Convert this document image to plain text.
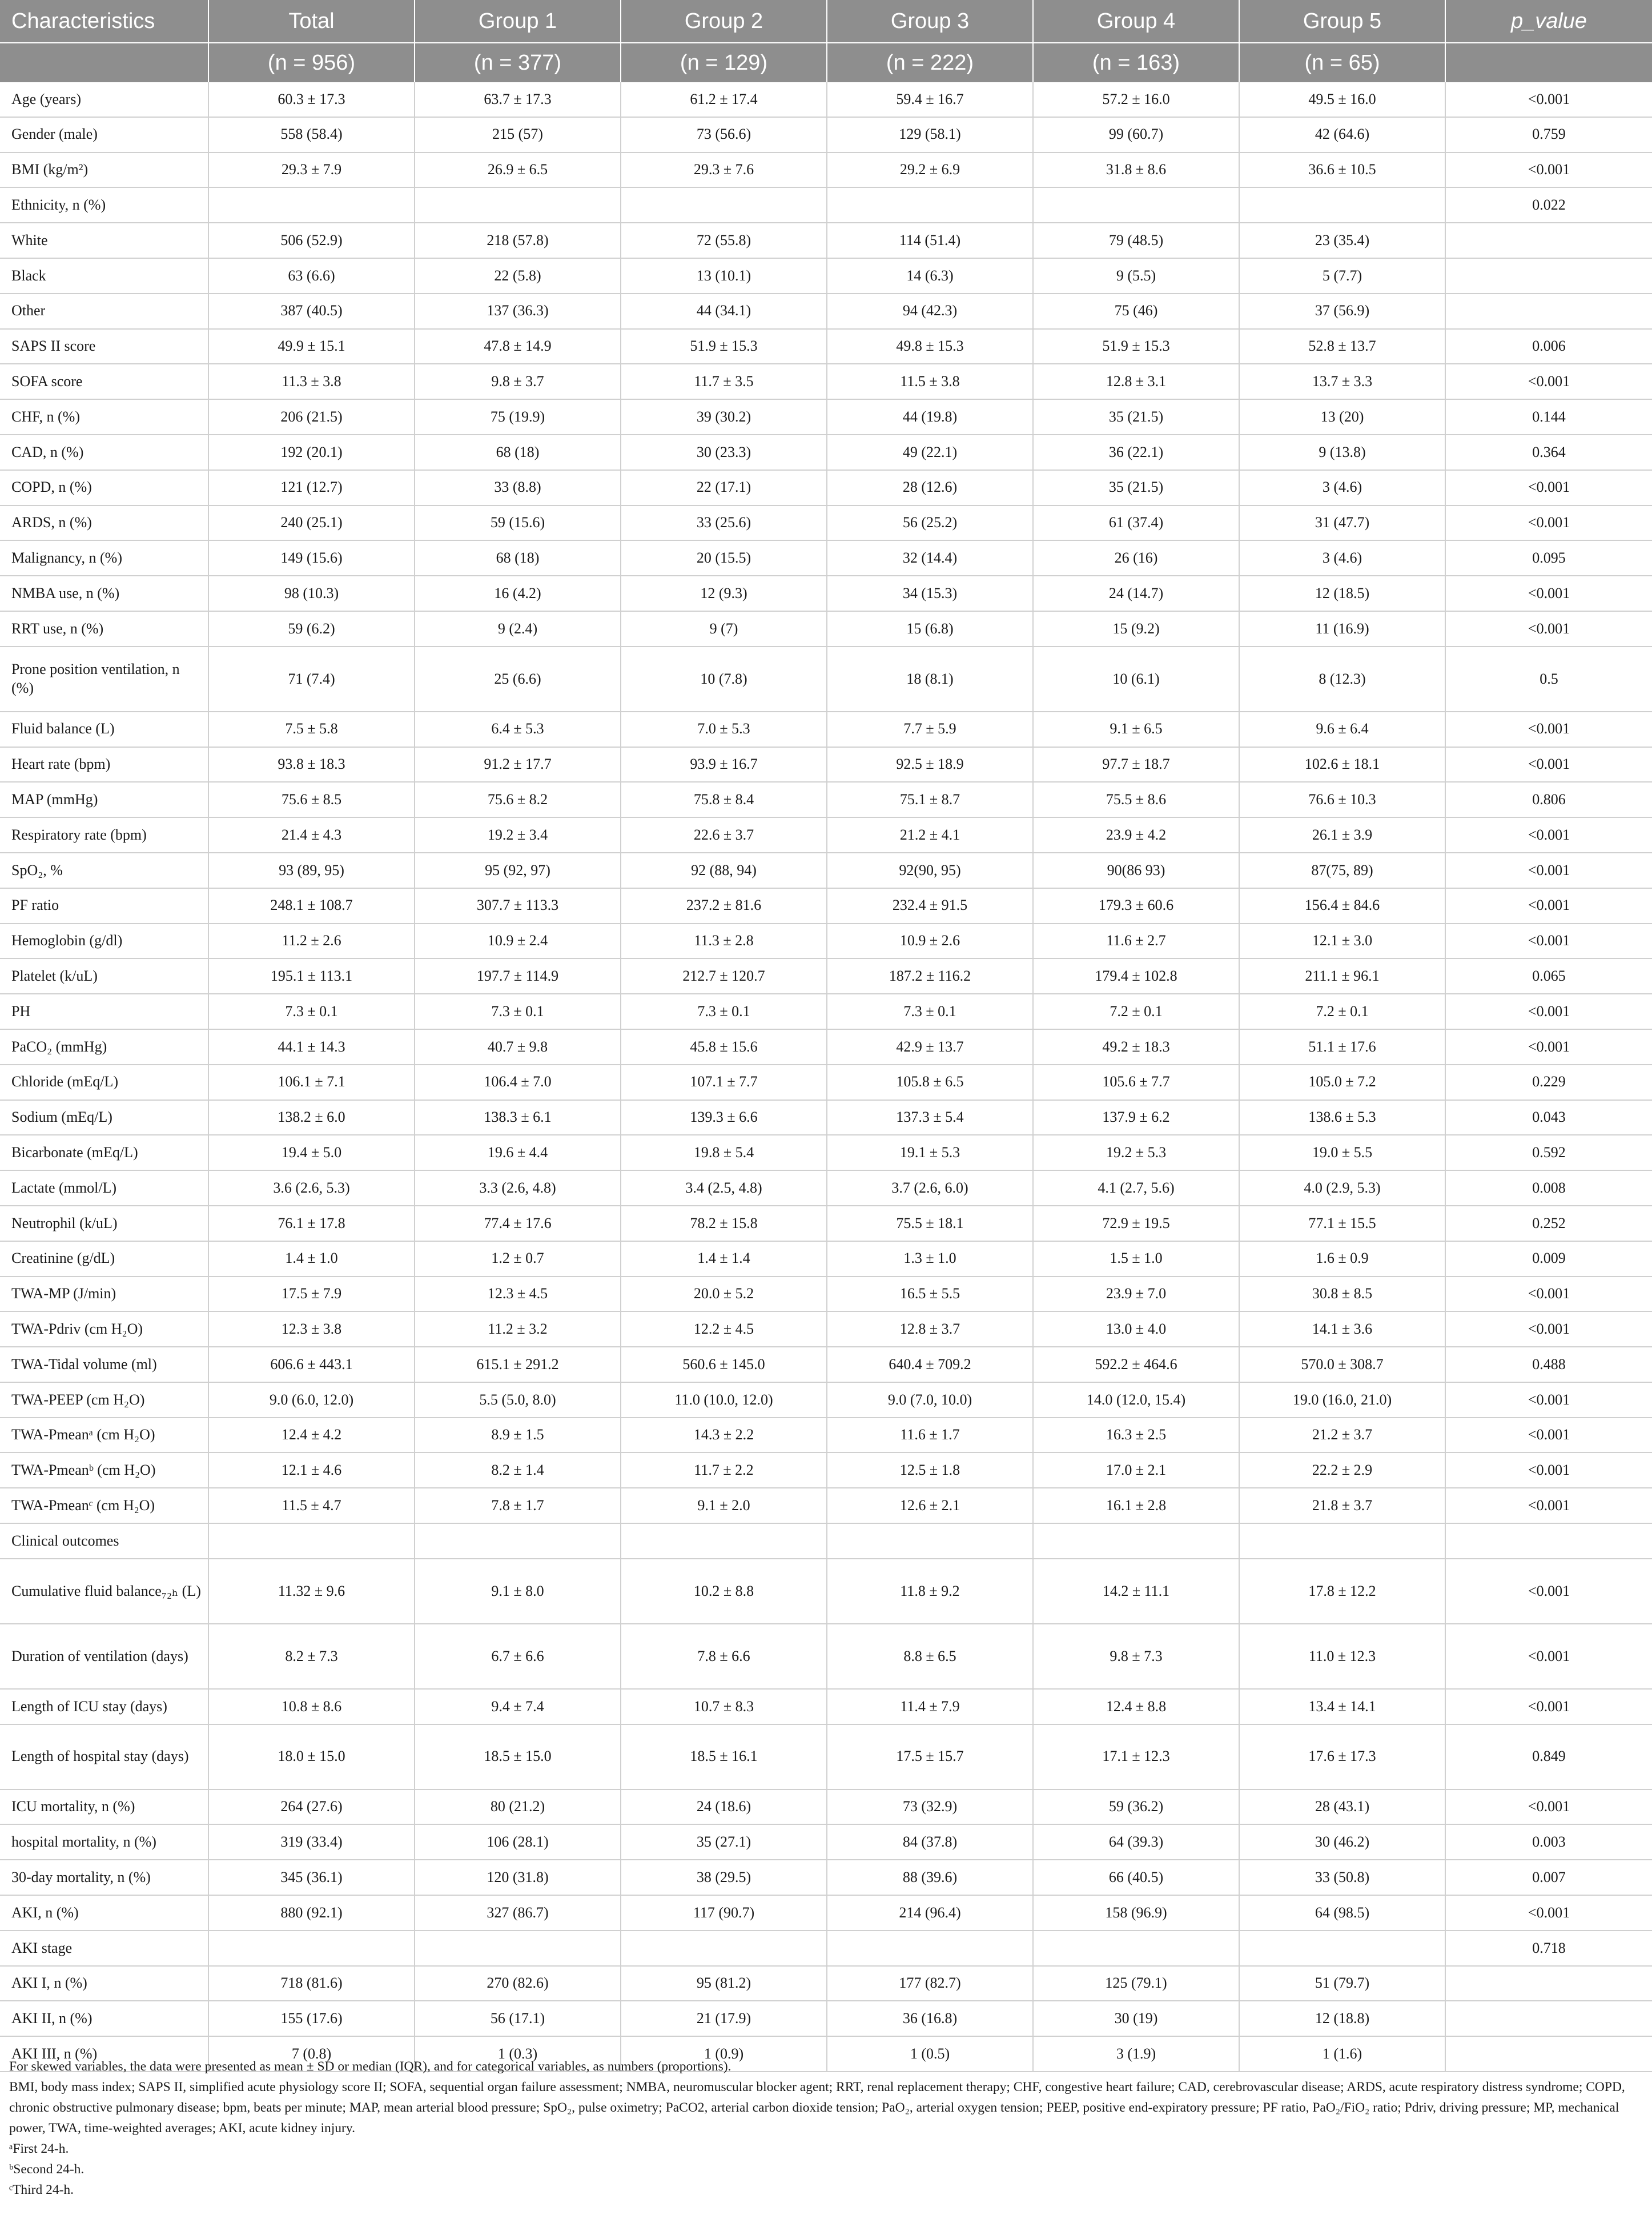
Characteristics	Total	Group 1	Group 2	Group 3	Group 4	Group 5	p_value
	(n = 956)	(n = 377)	(n = 129)	(n = 222)	(n = 163)	(n = 65)	
Age (years)	60.3 ± 17.3	63.7 ± 17.3	61.2 ± 17.4	59.4 ± 16.7	57.2 ± 16.0	49.5 ± 16.0	<0.001
Gender (male)	558 (58.4)	215 (57)	73 (56.6)	129 (58.1)	99 (60.7)	42 (64.6)	0.759
BMI (kg/m²)	29.3 ± 7.9	26.9 ± 6.5	29.3 ± 7.6	29.2 ± 6.9	31.8 ± 8.6	36.6 ± 10.5	<0.001
Ethnicity, n (%)							0.022
White	506 (52.9)	218 (57.8)	72 (55.8)	114 (51.4)	79 (48.5)	23 (35.4)	
Black	63 (6.6)	22 (5.8)	13 (10.1)	14 (6.3)	9 (5.5)	5 (7.7)	
Other	387 (40.5)	137 (36.3)	44 (34.1)	94 (42.3)	75 (46)	37 (56.9)	
SAPS II score	49.9 ± 15.1	47.8 ± 14.9	51.9 ± 15.3	49.8 ± 15.3	51.9 ± 15.3	52.8 ± 13.7	0.006
SOFA score	11.3 ± 3.8	9.8 ± 3.7	11.7 ± 3.5	11.5 ± 3.8	12.8 ± 3.1	13.7 ± 3.3	<0.001
CHF, n (%)	206 (21.5)	75 (19.9)	39 (30.2)	44 (19.8)	35 (21.5)	13 (20)	0.144
CAD, n (%)	192 (20.1)	68 (18)	30 (23.3)	49 (22.1)	36 (22.1)	9 (13.8)	0.364
COPD, n (%)	121 (12.7)	33 (8.8)	22 (17.1)	28 (12.6)	35 (21.5)	3 (4.6)	<0.001
ARDS, n (%)	240 (25.1)	59 (15.6)	33 (25.6)	56 (25.2)	61 (37.4)	31 (47.7)	<0.001
Malignancy, n (%)	149 (15.6)	68 (18)	20 (15.5)	32 (14.4)	26 (16)	3 (4.6)	0.095
NMBA use, n (%)	98 (10.3)	16 (4.2)	12 (9.3)	34 (15.3)	24 (14.7)	12 (18.5)	<0.001
RRT use, n (%)	59 (6.2)	9 (2.4)	9 (7)	15 (6.8)	15 (9.2)	11 (16.9)	<0.001
Prone position ventilation, n (%)	71 (7.4)	25 (6.6)	10 (7.8)	18 (8.1)	10 (6.1)	8 (12.3)	0.5
Fluid balance (L)	7.5 ± 5.8	6.4 ± 5.3	7.0 ± 5.3	7.7 ± 5.9	9.1 ± 6.5	9.6 ± 6.4	<0.001
Heart rate (bpm)	93.8 ± 18.3	91.2 ± 17.7	93.9 ± 16.7	92.5 ± 18.9	97.7 ± 18.7	102.6 ± 18.1	<0.001
MAP (mmHg)	75.6 ± 8.5	75.6 ± 8.2	75.8 ± 8.4	75.1 ± 8.7	75.5 ± 8.6	76.6 ± 10.3	0.806
Respiratory rate (bpm)	21.4 ± 4.3	19.2 ± 3.4	22.6 ± 3.7	21.2 ± 4.1	23.9 ± 4.2	26.1 ± 3.9	<0.001
SpO₂, %	93 (89, 95)	95 (92, 97)	92 (88, 94)	92(90, 95)	90(86 93)	87(75, 89)	<0.001
PF ratio	248.1 ± 108.7	307.7 ± 113.3	237.2 ± 81.6	232.4 ± 91.5	179.3 ± 60.6	156.4 ± 84.6	<0.001
Hemoglobin (g/dl)	11.2 ± 2.6	10.9 ± 2.4	11.3 ± 2.8	10.9 ± 2.6	11.6 ± 2.7	12.1 ± 3.0	<0.001
Platelet (k/uL)	195.1 ± 113.1	197.7 ± 114.9	212.7 ± 120.7	187.2 ± 116.2	179.4 ± 102.8	211.1 ± 96.1	0.065
PH	7.3 ± 0.1	7.3 ± 0.1	7.3 ± 0.1	7.3 ± 0.1	7.2 ± 0.1	7.2 ± 0.1	<0.001
PaCO₂ (mmHg)	44.1 ± 14.3	40.7 ± 9.8	45.8 ± 15.6	42.9 ± 13.7	49.2 ± 18.3	51.1 ± 17.6	<0.001
Chloride (mEq/L)	106.1 ± 7.1	106.4 ± 7.0	107.1 ± 7.7	105.8 ± 6.5	105.6 ± 7.7	105.0 ± 7.2	0.229
Sodium (mEq/L)	138.2 ± 6.0	138.3 ± 6.1	139.3 ± 6.6	137.3 ± 5.4	137.9 ± 6.2	138.6 ± 5.3	0.043
Bicarbonate (mEq/L)	19.4 ± 5.0	19.6 ± 4.4	19.8 ± 5.4	19.1 ± 5.3	19.2 ± 5.3	19.0 ± 5.5	0.592
Lactate (mmol/L)	3.6 (2.6, 5.3)	3.3 (2.6, 4.8)	3.4 (2.5, 4.8)	3.7 (2.6, 6.0)	4.1 (2.7, 5.6)	4.0 (2.9, 5.3)	0.008
Neutrophil (k/uL)	76.1 ± 17.8	77.4 ± 17.6	78.2 ± 15.8	75.5 ± 18.1	72.9 ± 19.5	77.1 ± 15.5	0.252
Creatinine (g/dL)	1.4 ± 1.0	1.2 ± 0.7	1.4 ± 1.4	1.3 ± 1.0	1.5 ± 1.0	1.6 ± 0.9	0.009
TWA-MP (J/min)	17.5 ± 7.9	12.3 ± 4.5	20.0 ± 5.2	16.5 ± 5.5	23.9 ± 7.0	30.8 ± 8.5	<0.001
TWA-Pdriv (cm H₂O)	12.3 ± 3.8	11.2 ± 3.2	12.2 ± 4.5	12.8 ± 3.7	13.0 ± 4.0	14.1 ± 3.6	<0.001
TWA-Tidal volume (ml)	606.6 ± 443.1	615.1 ± 291.2	560.6 ± 145.0	640.4 ± 709.2	592.2 ± 464.6	570.0 ± 308.7	0.488
TWA-PEEP (cm H₂O)	9.0 (6.0, 12.0)	5.5 (5.0, 8.0)	11.0 (10.0, 12.0)	9.0 (7.0, 10.0)	14.0 (12.0, 15.4)	19.0 (16.0, 21.0)	<0.001
TWA-Pmeanᵃ (cm H₂O)	12.4 ± 4.2	8.9 ± 1.5	14.3 ± 2.2	11.6 ± 1.7	16.3 ± 2.5	21.2 ± 3.7	<0.001
TWA-Pmeanᵇ (cm H₂O)	12.1 ± 4.6	8.2 ± 1.4	11.7 ± 2.2	12.5 ± 1.8	17.0 ± 2.1	22.2 ± 2.9	<0.001
TWA-Pmeanᶜ (cm H₂O)	11.5 ± 4.7	7.8 ± 1.7	9.1 ± 2.0	12.6 ± 2.1	16.1 ± 2.8	21.8 ± 3.7	<0.001
Clinical outcomes							
Cumulative fluid balance₇₂ₕ (L)	11.32 ± 9.6	9.1 ± 8.0	10.2 ± 8.8	11.8 ± 9.2	14.2 ± 11.1	17.8 ± 12.2	<0.001
Duration of ventilation (days)	8.2 ± 7.3	6.7 ± 6.6	7.8 ± 6.6	8.8 ± 6.5	9.8 ± 7.3	11.0 ± 12.3	<0.001
Length of ICU stay (days)	10.8 ± 8.6	9.4 ± 7.4	10.7 ± 8.3	11.4 ± 7.9	12.4 ± 8.8	13.4 ± 14.1	<0.001
Length of hospital stay (days)	18.0 ± 15.0	18.5 ± 15.0	18.5 ± 16.1	17.5 ± 15.7	17.1 ± 12.3	17.6 ± 17.3	0.849
ICU mortality, n (%)	264 (27.6)	80 (21.2)	24 (18.6)	73 (32.9)	59 (36.2)	28 (43.1)	<0.001
hospital mortality, n (%)	319 (33.4)	106 (28.1)	35 (27.1)	84 (37.8)	64 (39.3)	30 (46.2)	0.003
30-day mortality, n (%)	345 (36.1)	120 (31.8)	38 (29.5)	88 (39.6)	66 (40.5)	33 (50.8)	0.007
AKI, n (%)	880 (92.1)	327 (86.7)	117 (90.7)	214 (96.4)	158 (96.9)	64 (98.5)	<0.001
AKI stage							0.718
AKI I, n (%)	718 (81.6)	270 (82.6)	95 (81.2)	177 (82.7)	125 (79.1)	51 (79.7)	
AKI II, n (%)	155 (17.6)	56 (17.1)	21 (17.9)	36 (16.8)	30 (19)	12 (18.8)	
AKI III, n (%)	7 (0.8)	1 (0.3)	1 (0.9)	1 (0.5)	3 (1.9)	1 (1.6)	

For skewed variables, the data were presented as mean ± SD or median (IQR), and for categorical variables, as numbers (proportions).

BMI, body mass index; SAPS II, simplified acute physiology score II; SOFA, sequential organ failure assessment; NMBA, neuromuscular blocker agent; RRT, renal replacement therapy; CHF, congestive heart failure; CAD, cerebrovascular disease; ARDS, acute respiratory distress syndrome; COPD, chronic obstructive pulmonary disease; bpm, beats per minute; MAP, mean arterial blood pressure; SpO₂, pulse oximetry; PaCO2, arterial carbon dioxide tension; PaO₂, arterial oxygen tension; PEEP, positive end-expiratory pressure; PF ratio, PaO₂/FiO₂ ratio; Pdriv, driving pressure; MP, mechanical power, TWA, time-weighted averages; AKI, acute kidney injury.

ᵃFirst 24-h.

ᵇSecond 24-h.

ᶜThird 24-h.
